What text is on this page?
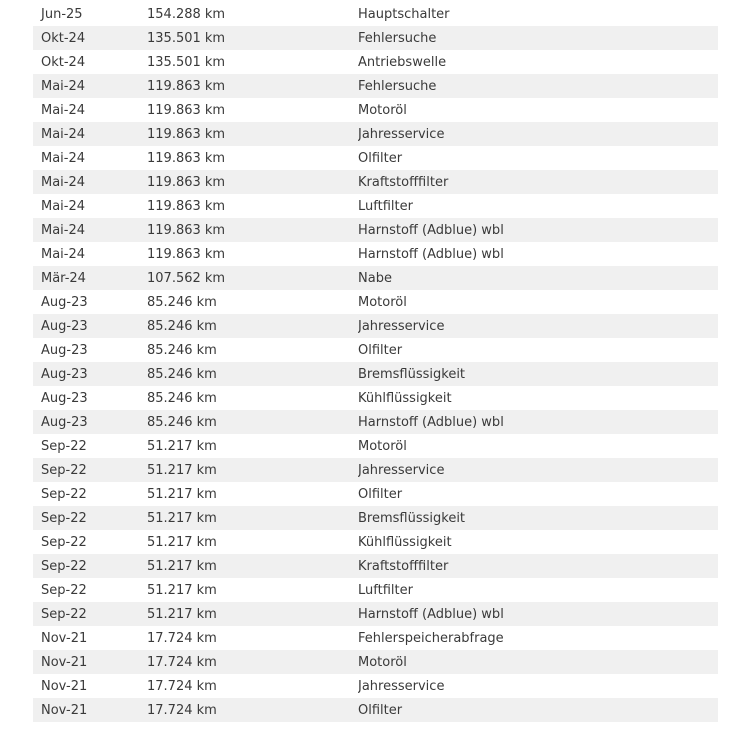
Jun-25	154.288 km	Hauptschalter
Okt-24	135.501 km	Fehlersuche
Okt-24	135.501 km	Antriebswelle
Mai-24	119.863 km	Fehlersuche
Mai-24	119.863 km	Motoröl
Mai-24	119.863 km	Jahresservice
Mai-24	119.863 km	Ölfilter
Mai-24	119.863 km	Kraftstofffilter
Mai-24	119.863 km	Luftfilter
Mai-24	119.863 km	Harnstoff (Adblue) wbl
Mai-24	119.863 km	Harnstoff (Adblue) wbl
Mär-24	107.562 km	Nabe
Aug-23	85.246 km	Motoröl
Aug-23	85.246 km	Jahresservice
Aug-23	85.246 km	Ölfilter
Aug-23	85.246 km	Bremsflüssigkeit
Aug-23	85.246 km	Kühlflüssigkeit
Aug-23	85.246 km	Harnstoff (Adblue) wbl
Sep-22	51.217 km	Motoröl
Sep-22	51.217 km	Jahresservice
Sep-22	51.217 km	Ölfilter
Sep-22	51.217 km	Bremsflüssigkeit
Sep-22	51.217 km	Kühlflüssigkeit
Sep-22	51.217 km	Kraftstofffilter
Sep-22	51.217 km	Luftfilter
Sep-22	51.217 km	Harnstoff (Adblue) wbl
Nov-21	17.724 km	Fehlerspeicherabfrage
Nov-21	17.724 km	Motoröl
Nov-21	17.724 km	Jahresservice
Nov-21	17.724 km	Ölfilter
